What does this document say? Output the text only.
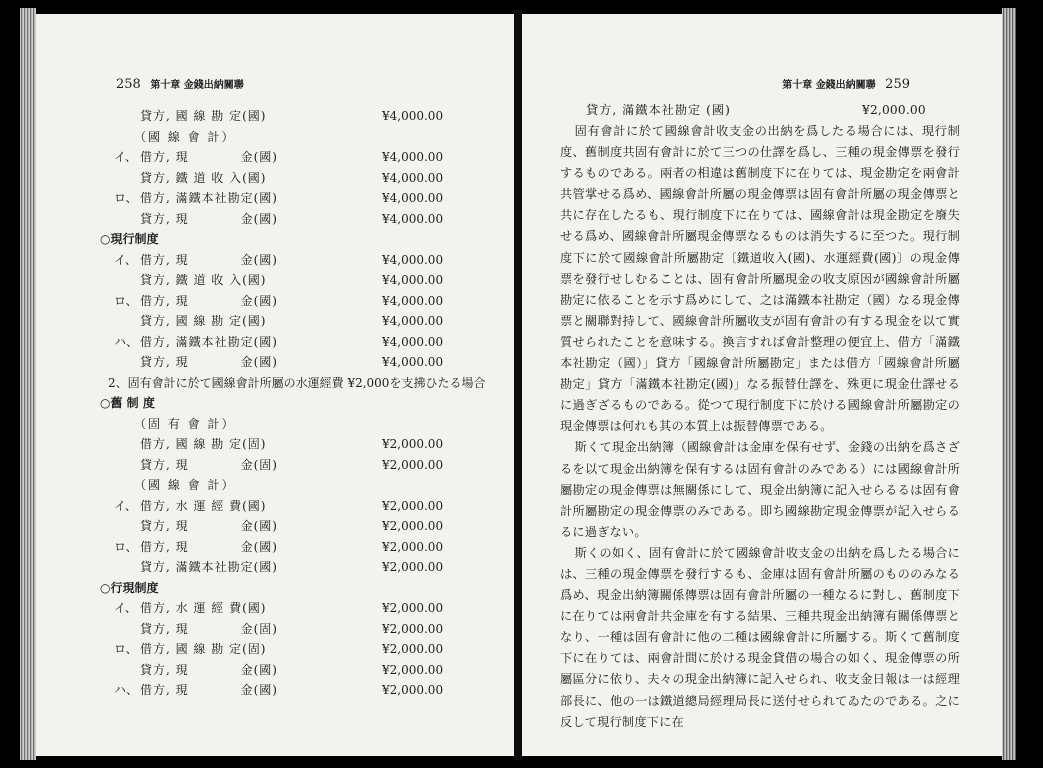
258 第十章 金錢出納關聯
貸方, 國 線 勘 定(國)	¥4,000.00
（國 線 會 計）
イ、 借方, 現　　　　金(國)	¥4,000.00
貸方, 鐵 道 收 入(國)	¥4,000.00
ロ、 借方, 滿鐵本社勘定(國)	¥4,000.00
貸方, 現　　　　金(國)	¥4,000.00
○現行制度
イ、 借方, 現　　　　金(國)	¥4,000.00
貸方, 鐵 道 收 入(國)	¥4,000.00
ロ、 借方, 現　　　　金(國)	¥4,000.00
貸方, 國 線 勘 定(國)	¥4,000.00
ハ、 借方, 滿鐵本社勘定(國)	¥4,000.00
貸方, 現　　　　金(國)	¥4,000.00
2、固有會計に於て國線會計所屬の水運經費 ¥2,000を支拂ひたる場合
○舊 制 度
（固 有 會 計）
借方, 國 線 勘 定(固)	¥2,000.00
貸方, 現　　　　金(固)	¥2,000.00
（國 線 會 計）
イ、 借方, 水 運 經 費(國)	¥2,000.00
貸方, 現　　　　金(國)	¥2,000.00
ロ、 借方, 現　　　　金(國)	¥2,000.00
貸方, 滿鐵本社勘定(國)	¥2,000.00
○行現制度
イ、 借方, 水 運 經 費(國)	¥2,000.00
貸方, 現　　　　金(固)	¥2,000.00
ロ、 借方, 國 線 勘 定(固)	¥2,000.00
貸方, 現　　　　金(國)	¥2,000.00
ハ、 借方, 現　　　　金(國)	¥2,000.00
第十章 金錢出納關聯 259
貸方, 滿鐵本社勘定 (國)	¥2,000.00

固有會計に於て國線會計收支金の出納を爲したる場合には、現行制度、舊制度共固有會計に於て三つの仕譯を爲し、三種の現金傳票を發行するものである。兩者の相違は舊制度下に在りては、現金勘定を兩會計共管掌せる爲め、國線會計所屬の現金傳票は固有會計所屬の現金傳票と共に存在したるも、現行制度下に在りては、國線會計は現金勘定を廢失せる爲め、國線會計所屬現金傳票なるものは消失するに至つた。現行制度下に於て國線會計所屬勘定〔鐵道收入(國)、水運經費(國)〕の現金傳票を發行せしむることは、固有會計所屬現金の收支原因が國線會計所屬勘定に依ることを示す爲めにして、之は滿鐵本社勘定（國）なる現金傳票と關聯對持して、國線會計所屬收支が固有會計の有する現金を以て實質せられたことを意味する。換言すれば會計整理の便宜上、借方「滿鐵本社勘定（國）」貸方「國線會計所屬勘定」または借方「國線會計所屬勘定」貸方「滿鐵本社勘定(國)」なる振替仕譯を、殊更に現金仕譯せるに過ぎざるものである。從つて現行制度下に於ける國線會計所屬勘定の現金傳票は何れも其の本質上は振替傳票である。

斯くて現金出納簿（國線會計は金庫を保有せず、金錢の出納を爲さざるを以て現金出納簿を保有するは固有會計のみである）には國線會計所屬勘定の現金傳票は無關係にして、現金出納簿に記入せらるるは固有會計所屬勘定の現金傳票のみである。即ち國線勘定現金傳票が記入せらるるに過ぎない。

斯くの如く、固有會計に於て國線會計收支金の出納を爲したる場合には、三種の現金傳票を發行するも、金庫は固有會計所屬のもののみなる爲め、現金出納簿關係傳票は固有會計所屬の一種なるに對し、舊制度下に在りては兩會計共金庫を有する結果、三種共現金出納簿有關係傳票となり、一種は固有會計に他の二種は國線會計に所屬する。斯くて舊制度下に在りては、兩會計間に於ける現金貸借の場合の如く、現金傳票の所屬區分に依り、夫々の現金出納簿に記入せられ、收支金日報は一は經理部長に、他の一は鐵道總局經理局長に送付せられてゐたのである。之に反して現行制度下に在
